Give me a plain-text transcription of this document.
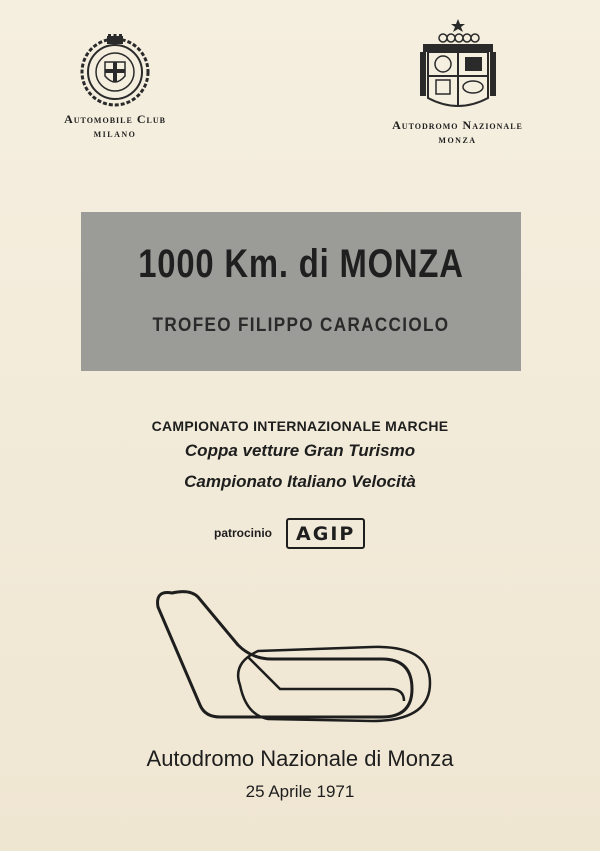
Automobile Club
MILANO
Autodromo Nazionale
MONZA
1000 Km. di MONZA
TROFEO FILIPPO CARACCIOLO
CAMPIONATO INTERNAZIONALE MARCHE
Coppa vetture Gran Turismo
Campionato Italiano Velocità
patrocinio	AGIP
Autodromo Nazionale di Monza
25 Aprile 1971
